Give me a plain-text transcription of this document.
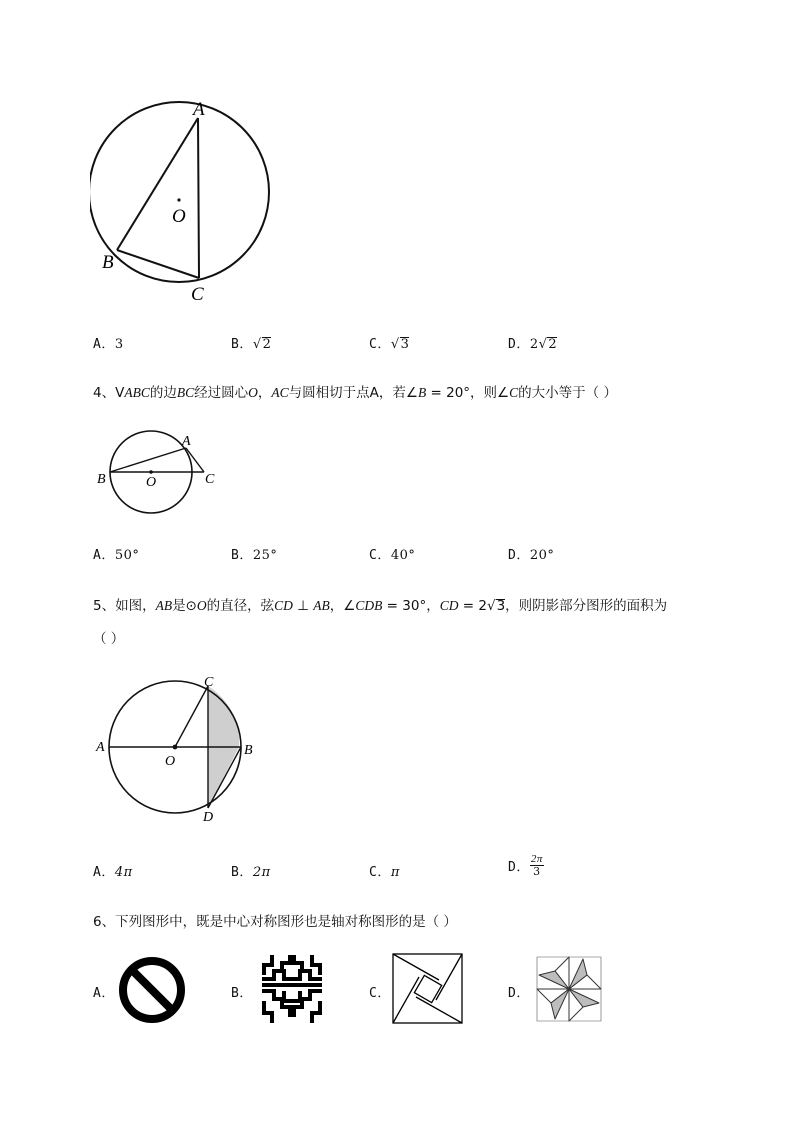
A
O
B
C
A．3	B．√2	C．√3	D．2√2
4、VABC的边BC经过圆心O，AC与圆相切于点A，若∠B = 20°，则∠C的大小等于（ ）
A
B	O	C
A．50°	B．25°	C．40°	D．20°
5、如图，AB是⊙O的直径，弦CD ⊥ AB，∠CDB = 30°，CD = 2√3，则阴影部分图形的面积为
（ ）
C
A
O
B
D
A．4π	B．2π	C．π	D． $\frac{2\pi}{3}$
6、下列图形中，既是中心对称图形也是轴对称图形的是（ ）
A．	B．	C．	D．
